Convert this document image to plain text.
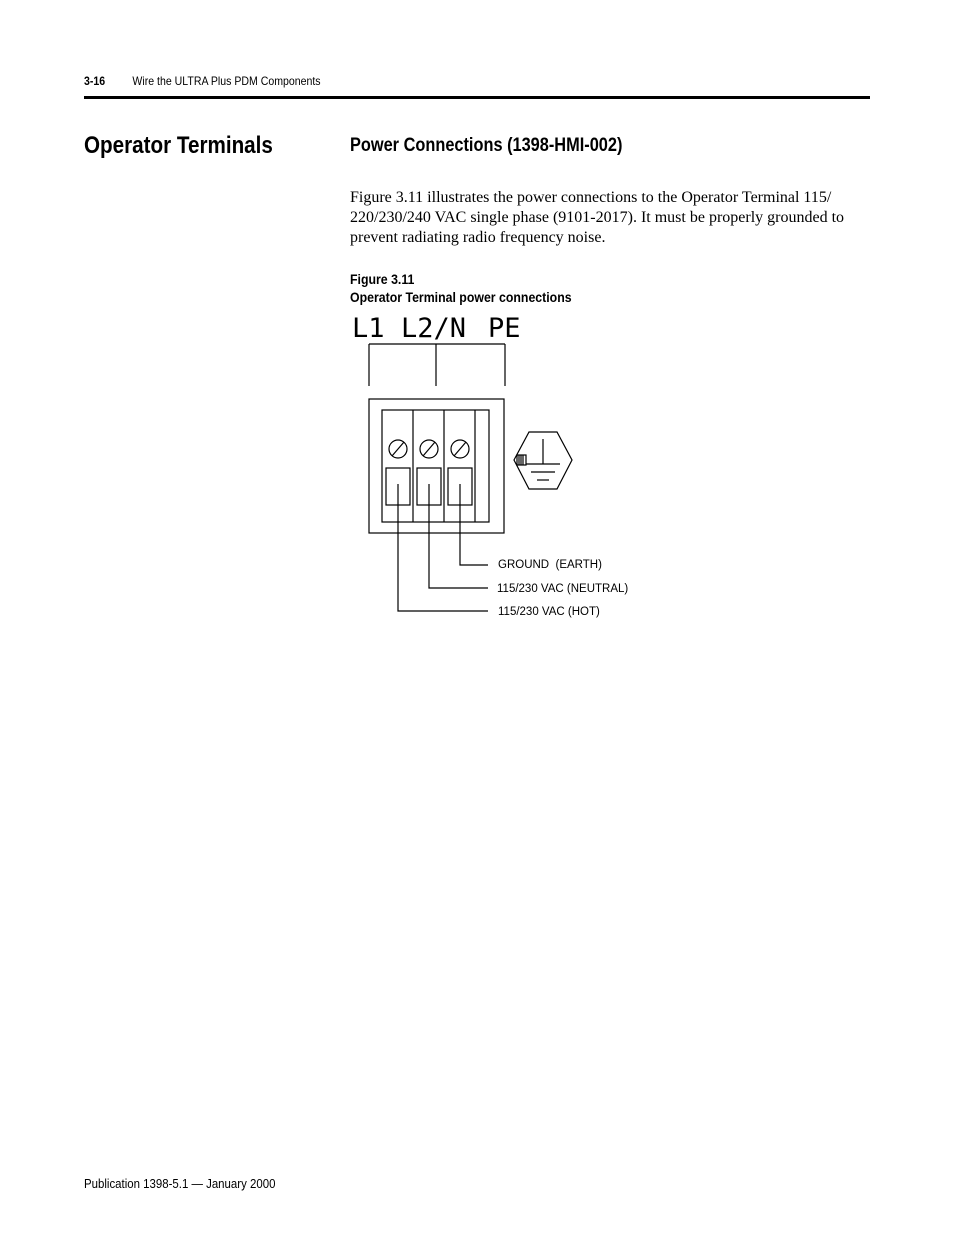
3-16 Wire the ULTRA Plus PDM Components
Operator Terminals	Power Connections (1398-HMI-002)

Figure 3.11 illustrates the power connections to the Operator Terminal 115/ 220/230/240 VAC single phase (9101-2017). It must be properly grounded to prevent radiating radio frequency noise.

Figure 3.11
Operator Terminal power connections
L1 L2/N PE
GROUND  (EARTH)
115/230 VAC (NEUTRAL)
115/230 VAC (HOT)
Publication 1398-5.1 — January 2000
